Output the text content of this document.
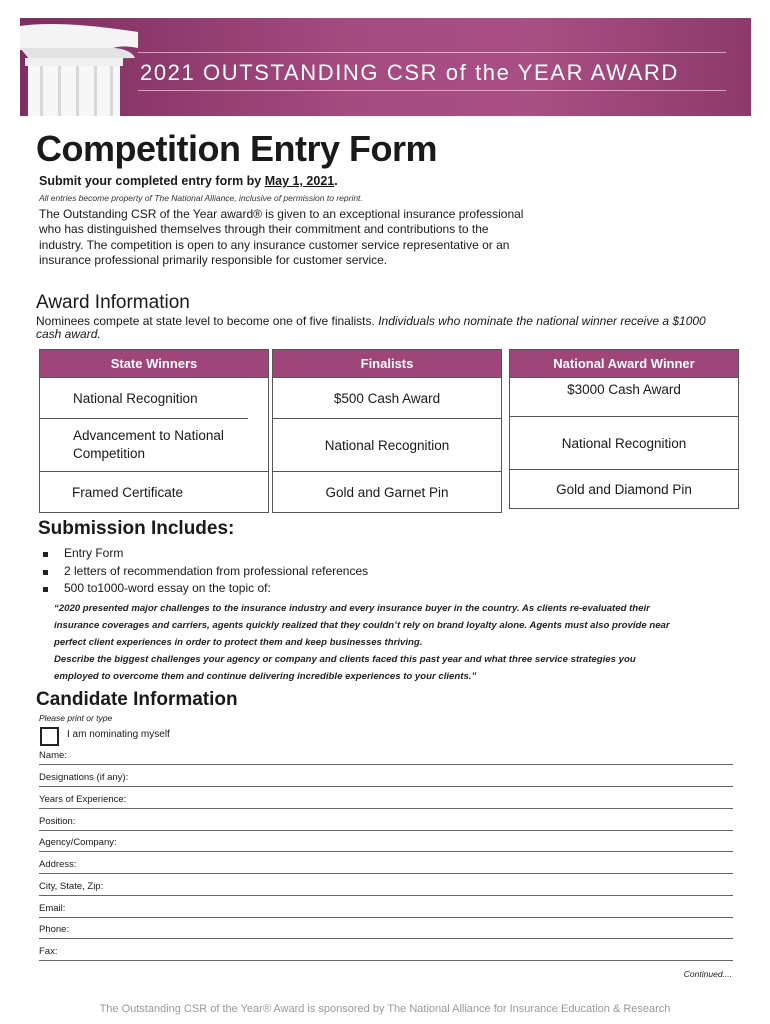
2021 OUTSTANDING CSR of the YEAR AWARD
Competition Entry Form
Submit your completed entry form by May 1, 2021.
All entries become property of The National Alliance, inclusive of permission to reprint.
The Outstanding CSR of the Year award® is given to an exceptional insurance professional who has distinguished themselves through their commitment and contributions to the industry. The competition is open to any insurance customer service representative or an insurance professional primarily responsible for customer service.
Award Information
Nominees compete at state level to become one of five finalists. Individuals who nominate the national winner receive a $1000 cash award.
State Winners
National Recognition
Advancement to National Competition
Framed Certificate
Finalists
$500 Cash Award
National Recognition
Gold and Garnet Pin
National Award Winner
$3000 Cash Award
National Recognition
Gold and Diamond Pin
Submission Includes:
Entry Form
2 letters of recommendation from professional references
500 to1000-word essay on the topic of:
“2020 presented major challenges to the insurance industry and every insurance buyer in the country. As clients re-evaluated their
insurance coverages and carriers, agents quickly realized that they couldn’t rely on brand loyalty alone. Agents must also provide near
perfect client experiences in order to protect them and keep businesses thriving.
Describe the biggest challenges your agency or company and clients faced this past year and what three service strategies you
employed to overcome them and continue delivering incredible experiences to your clients.”
Candidate Information
Please print or type
I am nominating myself
Name:
Designations (if any):
Years of Experience:
Position:
Agency/Company:
Address:
City, State, Zip:
Email:
Phone:
Fax:
Continued....
The Outstanding CSR of the Year® Award is sponsored by The National Alliance for Insurance Education & Research
